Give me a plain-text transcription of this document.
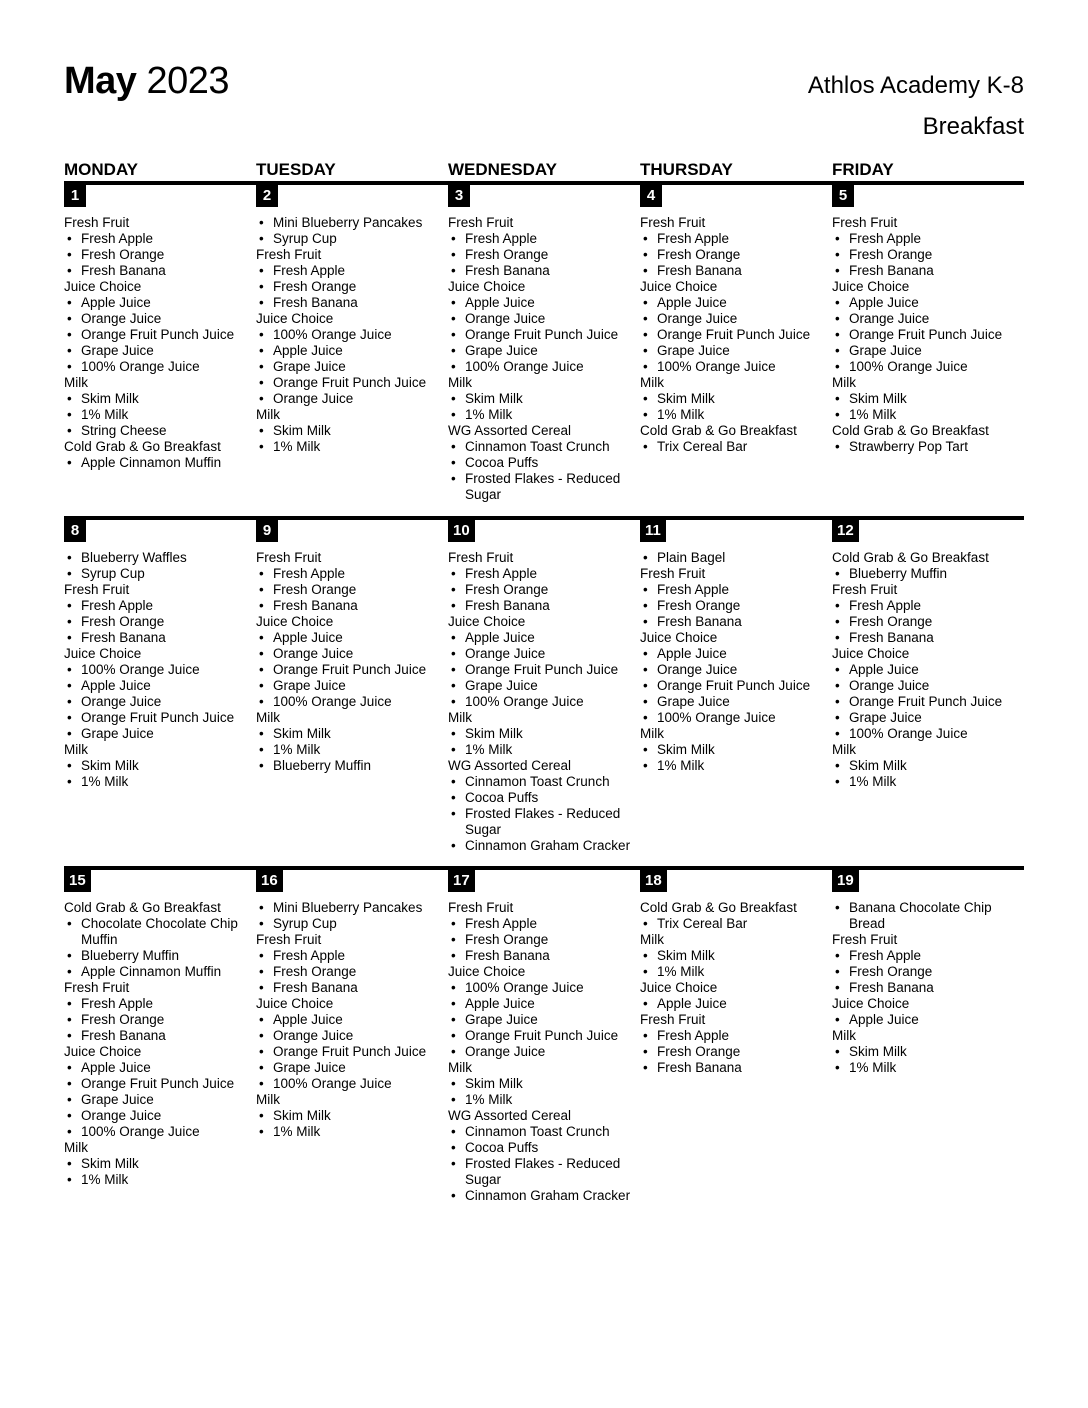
May 2023	Athlos Academy K-8
Breakfast
MONDAY	TUESDAY	WEDNESDAY	THURSDAY	FRIDAY
1
Fresh Fruit
• Fresh Apple
• Fresh Orange
• Fresh Banana
Juice Choice
• Apple Juice
• Orange Juice
• Orange Fruit Punch Juice
• Grape Juice
• 100% Orange Juice
Milk
• Skim Milk
• 1% Milk
• String Cheese
Cold Grab & Go Breakfast
• Apple Cinnamon Muffin
2
• Mini Blueberry Pancakes
• Syrup Cup
Fresh Fruit
• Fresh Apple
• Fresh Orange
• Fresh Banana
Juice Choice
• 100% Orange Juice
• Apple Juice
• Grape Juice
• Orange Fruit Punch Juice
• Orange Juice
Milk
• Skim Milk
• 1% Milk
3
Fresh Fruit
• Fresh Apple
• Fresh Orange
• Fresh Banana
Juice Choice
• Apple Juice
• Orange Juice
• Orange Fruit Punch Juice
• Grape Juice
• 100% Orange Juice
Milk
• Skim Milk
• 1% Milk
WG Assorted Cereal
• Cinnamon Toast Crunch
• Cocoa Puffs
• Frosted Flakes - Reduced Sugar
4
Fresh Fruit
• Fresh Apple
• Fresh Orange
• Fresh Banana
Juice Choice
• Apple Juice
• Orange Juice
• Orange Fruit Punch Juice
• Grape Juice
• 100% Orange Juice
Milk
• Skim Milk
• 1% Milk
Cold Grab & Go Breakfast
• Trix Cereal Bar
5
Fresh Fruit
• Fresh Apple
• Fresh Orange
• Fresh Banana
Juice Choice
• Apple Juice
• Orange Juice
• Orange Fruit Punch Juice
• Grape Juice
• 100% Orange Juice
Milk
• Skim Milk
• 1% Milk
Cold Grab & Go Breakfast
• Strawberry Pop Tart
8
• Blueberry Waffles
• Syrup Cup
Fresh Fruit
• Fresh Apple
• Fresh Orange
• Fresh Banana
Juice Choice
• 100% Orange Juice
• Apple Juice
• Orange Juice
• Orange Fruit Punch Juice
• Grape Juice
Milk
• Skim Milk
• 1% Milk
9
Fresh Fruit
• Fresh Apple
• Fresh Orange
• Fresh Banana
Juice Choice
• Apple Juice
• Orange Juice
• Orange Fruit Punch Juice
• Grape Juice
• 100% Orange Juice
Milk
• Skim Milk
• 1% Milk
• Blueberry Muffin
10
Fresh Fruit
• Fresh Apple
• Fresh Orange
• Fresh Banana
Juice Choice
• Apple Juice
• Orange Juice
• Orange Fruit Punch Juice
• Grape Juice
• 100% Orange Juice
Milk
• Skim Milk
• 1% Milk
WG Assorted Cereal
• Cinnamon Toast Crunch
• Cocoa Puffs
• Frosted Flakes - Reduced Sugar
• Cinnamon Graham Cracker
11
• Plain Bagel
Fresh Fruit
• Fresh Apple
• Fresh Orange
• Fresh Banana
Juice Choice
• Apple Juice
• Orange Juice
• Orange Fruit Punch Juice
• Grape Juice
• 100% Orange Juice
Milk
• Skim Milk
• 1% Milk
12
Cold Grab & Go Breakfast
• Blueberry Muffin
Fresh Fruit
• Fresh Apple
• Fresh Orange
• Fresh Banana
Juice Choice
• Apple Juice
• Orange Juice
• Orange Fruit Punch Juice
• Grape Juice
• 100% Orange Juice
Milk
• Skim Milk
• 1% Milk
15
Cold Grab & Go Breakfast
• Chocolate Chocolate Chip Muffin
• Blueberry Muffin
• Apple Cinnamon Muffin
Fresh Fruit
• Fresh Apple
• Fresh Orange
• Fresh Banana
Juice Choice
• Apple Juice
• Orange Fruit Punch Juice
• Grape Juice
• Orange Juice
• 100% Orange Juice
Milk
• Skim Milk
• 1% Milk
16
• Mini Blueberry Pancakes
• Syrup Cup
Fresh Fruit
• Fresh Apple
• Fresh Orange
• Fresh Banana
Juice Choice
• Apple Juice
• Orange Juice
• Orange Fruit Punch Juice
• Grape Juice
• 100% Orange Juice
Milk
• Skim Milk
• 1% Milk
17
Fresh Fruit
• Fresh Apple
• Fresh Orange
• Fresh Banana
Juice Choice
• 100% Orange Juice
• Apple Juice
• Grape Juice
• Orange Fruit Punch Juice
• Orange Juice
Milk
• Skim Milk
• 1% Milk
WG Assorted Cereal
• Cinnamon Toast Crunch
• Cocoa Puffs
• Frosted Flakes - Reduced Sugar
• Cinnamon Graham Cracker
18
Cold Grab & Go Breakfast
• Trix Cereal Bar
Milk
• Skim Milk
• 1% Milk
Juice Choice
• Apple Juice
Fresh Fruit
• Fresh Apple
• Fresh Orange
• Fresh Banana
19
• Banana Chocolate Chip Bread
Fresh Fruit
• Fresh Apple
• Fresh Orange
• Fresh Banana
Juice Choice
• Apple Juice
Milk
• Skim Milk
• 1% Milk
